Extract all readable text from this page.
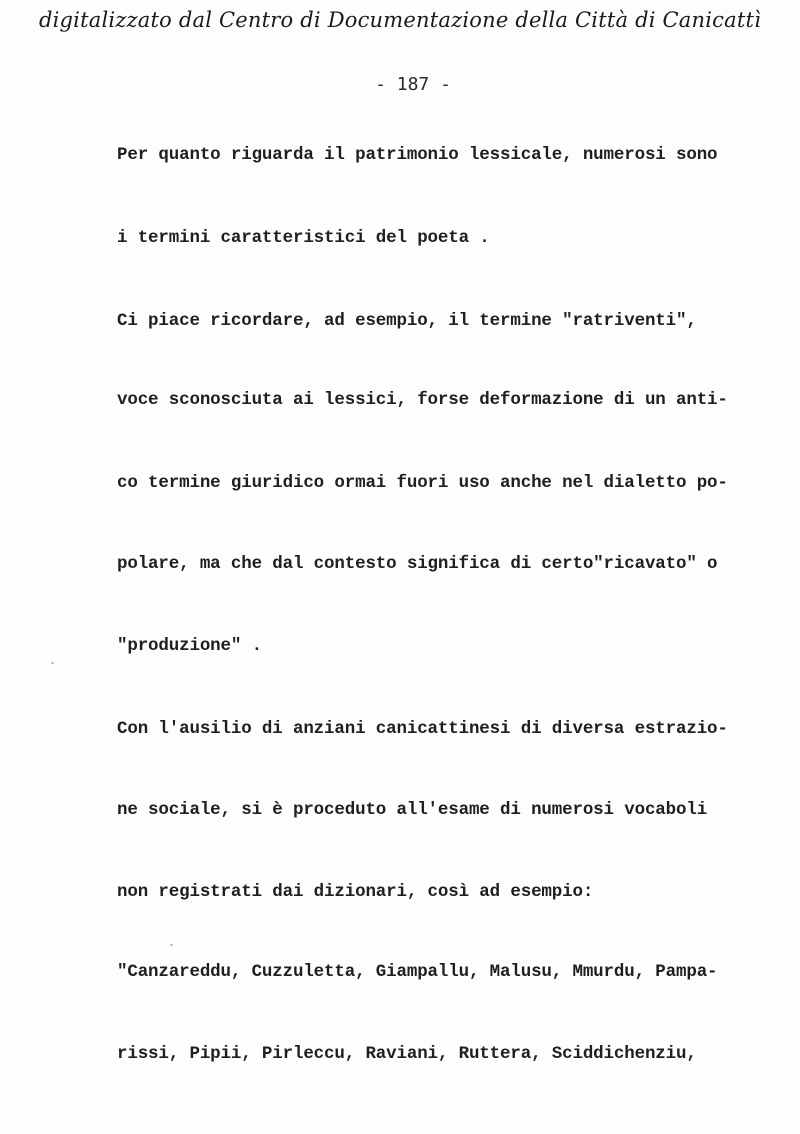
digitalizzato dal Centro di Documentazione della Città di Canicattì
- 187 -
Per quanto riguarda il patrimonio lessicale, numerosi sono
i termini caratteristici del poeta .
Ci piace ricordare, ad esempio, il termine "ratriventi",
voce sconosciuta ai lessici, forse deformazione di un anti-
co termine giuridico ormai fuori uso anche nel dialetto po-
polare, ma che dal contesto significa di certo"ricavato" o
"produzione" .
Con l'ausilio di anziani canicattinesi di diversa estrazio-
ne sociale, si è proceduto all'esame di numerosi vocaboli
non registrati dai dizionari, così ad esempio:
"Canzareddu, Cuzzuletta, Giampallu, Malusu, Mmurdu, Pampa-
rissi, Pipii, Pirleccu, Raviani, Ruttera, Sciddichenziu,
